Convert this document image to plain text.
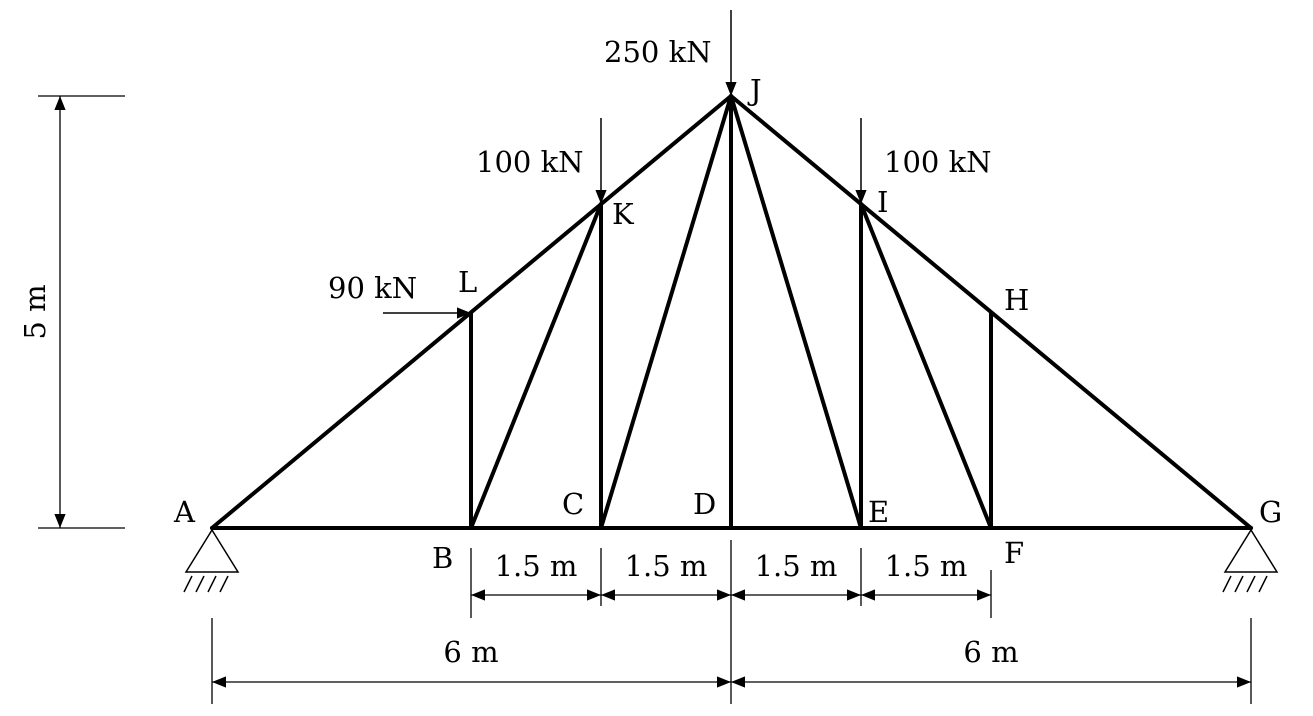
A
B
C	D	E
F
G
H
I
J
K
L
250 kN
100 kN	100 kN
90 kN
5 m
1.5 m 1.5 m 1.5 m 1.5 m
6 m	6 m
